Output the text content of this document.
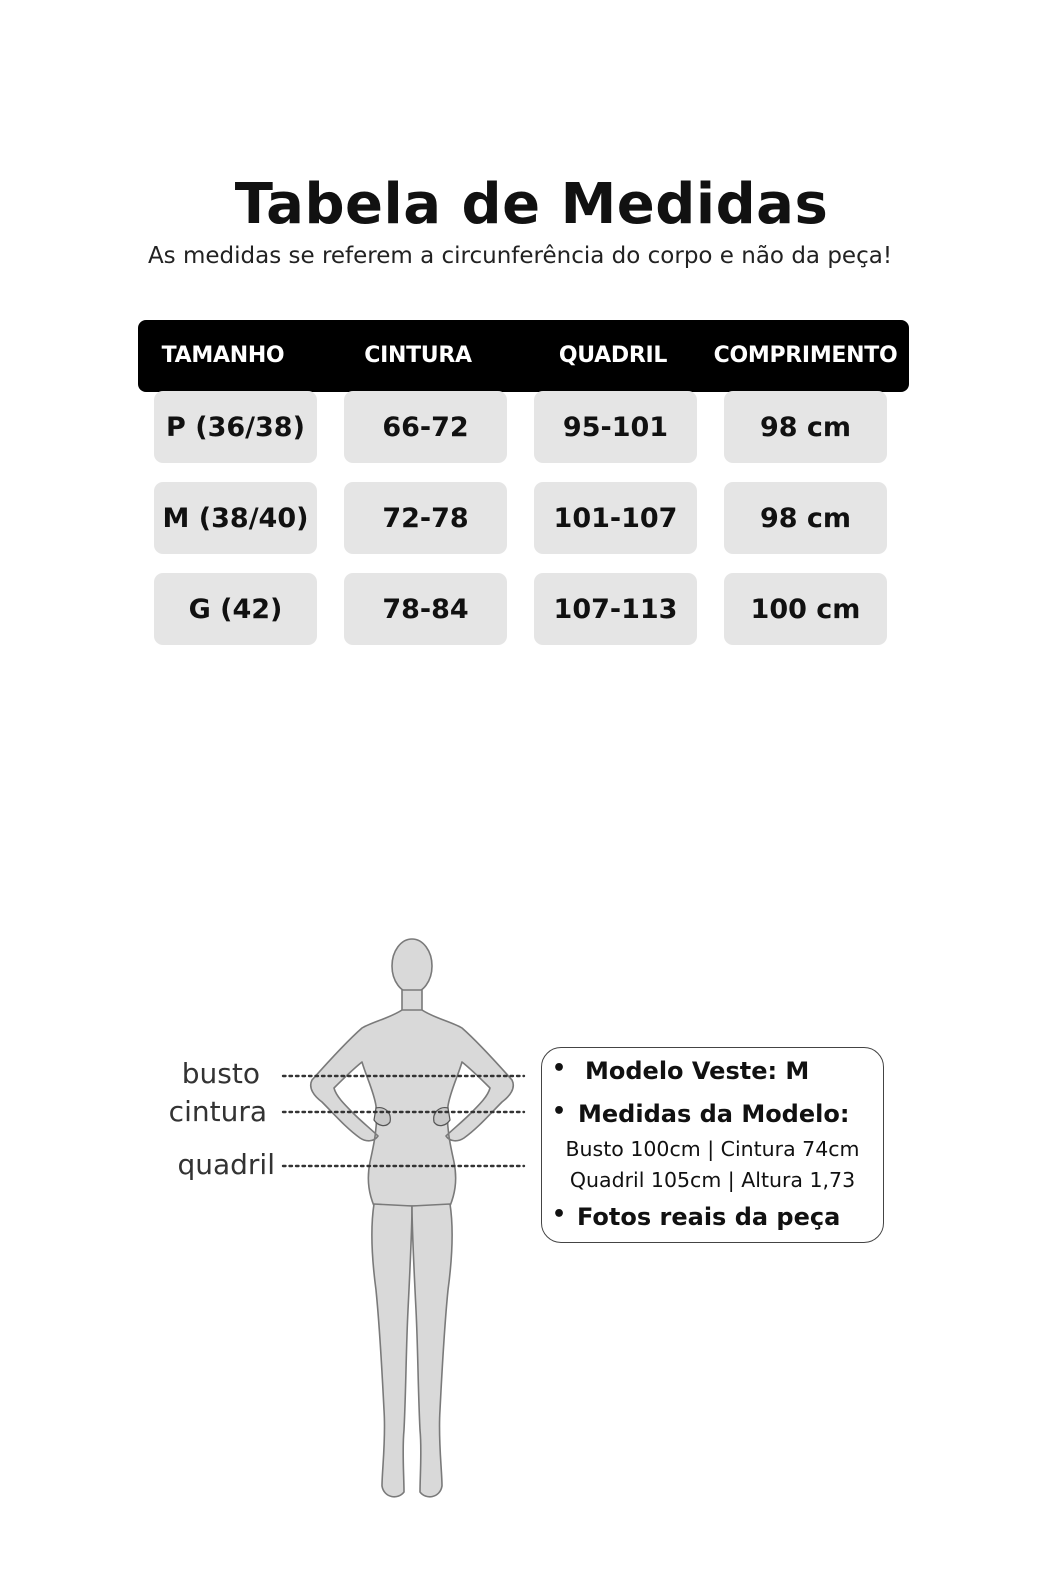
Tabela de Medidas
As medidas se referem a circunferência do corpo e não da peça!
TAMANHO	CINTURA	QUADRIL	COMPRIMENTO
P (36/38)	66-72	95-101	98 cm
M (38/40)	72-78	101-107	98 cm
G (42)	78-84	107-113	100 cm
busto
cintura
quadril
• Modelo Veste: M
• Medidas da Modelo:
Busto 100cm | Cintura 74cm
Quadril 105cm | Altura 1,73
• Fotos reais da peça
